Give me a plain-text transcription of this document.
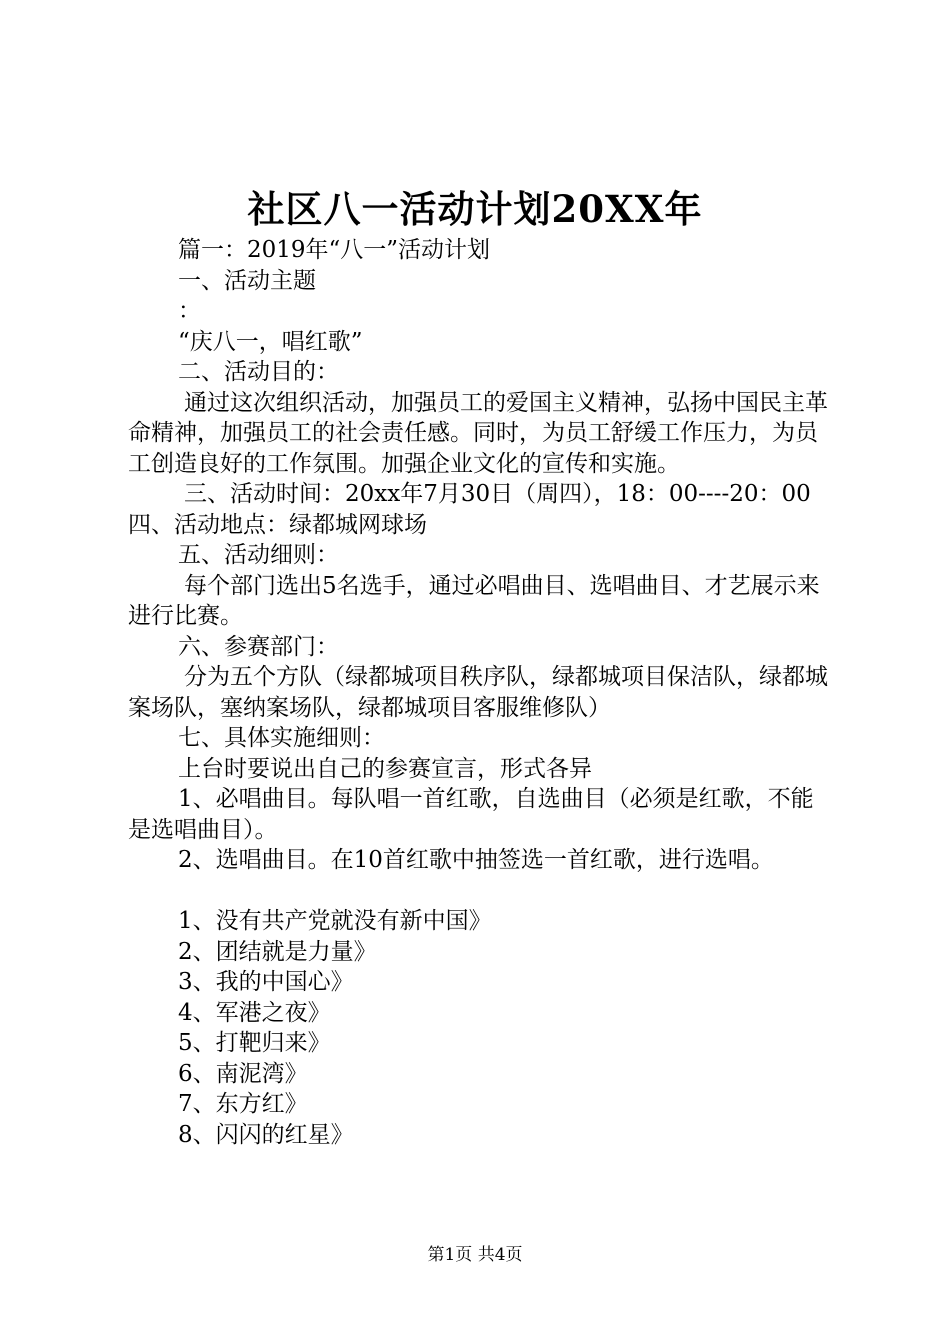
社区八一活动计划20XX年

篇一：2019年“八一”活动计划

一、活动主题

：

“庆八一，唱红歌”

二、活动目的：

通过这次组织活动，加强员工的爱国主义精神，弘扬中国民主革命精神，加强员工的社会责任感。同时，为员工舒缓工作压力，为员工创造良好的工作氛围。加强企业文化的宣传和实施。

三、活动时间：20xx年7月30日（周四），18：00----20：00四、活动地点：绿都城网球场

五、活动细则：

每个部门选出5名选手，通过必唱曲目、选唱曲目、才艺展示来进行比赛。

六、参赛部门：

分为五个方队（绿都城项目秩序队，绿都城项目保洁队，绿都城案场队，塞纳案场队，绿都城项目客服维修队）

七、具体实施细则：

上台时要说出自己的参赛宣言，形式各异

1、必唱曲目。每队唱一首红歌，自选曲目（必须是红歌，不能是选唱曲目）。

2、选唱曲目。在10首红歌中抽签选一首红歌，进行选唱。

1、没有共产党就没有新中国》

2、团结就是力量》

3、我的中国心》

4、军港之夜》

5、打靶归来》

6、南泥湾》

7、东方红》

8、闪闪的红星》

第1页 共4页
